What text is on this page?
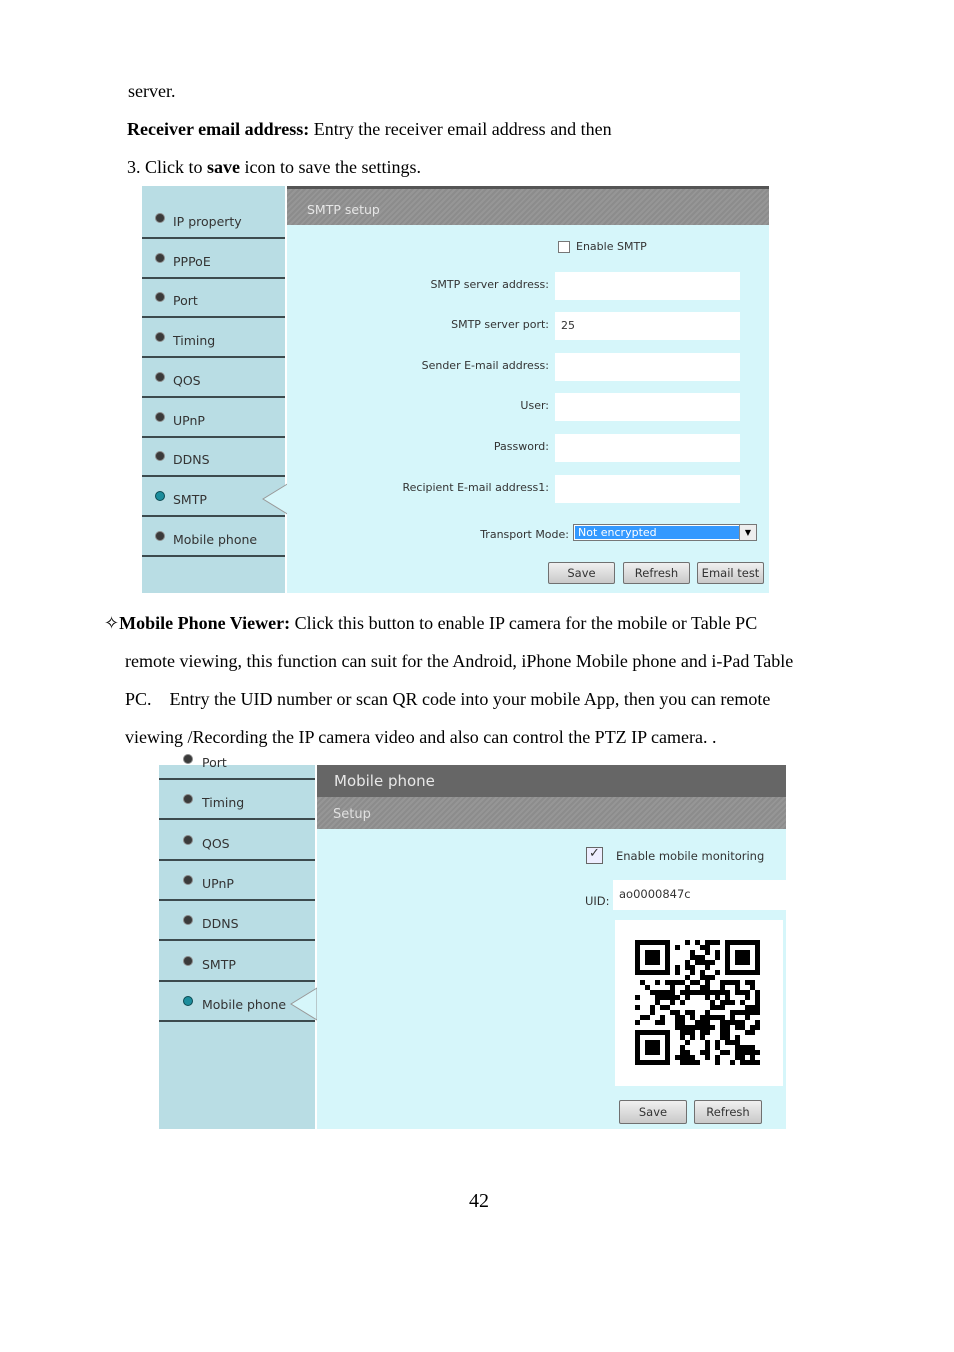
server.
Receiver email address: Entry the receiver email address and then
3. Click to save icon to save the settings.
IP property
PPPoE
Port
Timing
QOS
UPnP
DDNS
SMTP
Mobile phone
SMTP setup
Enable SMTP
SMTP server address:
SMTP server port:	25
Sender E-mail address:
User:
Password:
Recipient E-mail address1:
Transport Mode: Not encrypted	▼
Save	Refresh	Email test
✧Mobile Phone Viewer: Click this button to enable IP camera for the mobile or Table PC
remote viewing, this function can suit for the Android, iPhone Mobile phone and i-Pad Table
PC.    Entry the UID number or scan QR code into your mobile App, then you can remote
viewing /Recording the IP camera video and also can control the PTZ IP camera. .
Port
Timing
QOS
UPnP
DDNS
SMTP
Mobile phone
Mobile phone
Setup
✓ Enable mobile monitoring
UID: ao0000847c
Save	Refresh
42
